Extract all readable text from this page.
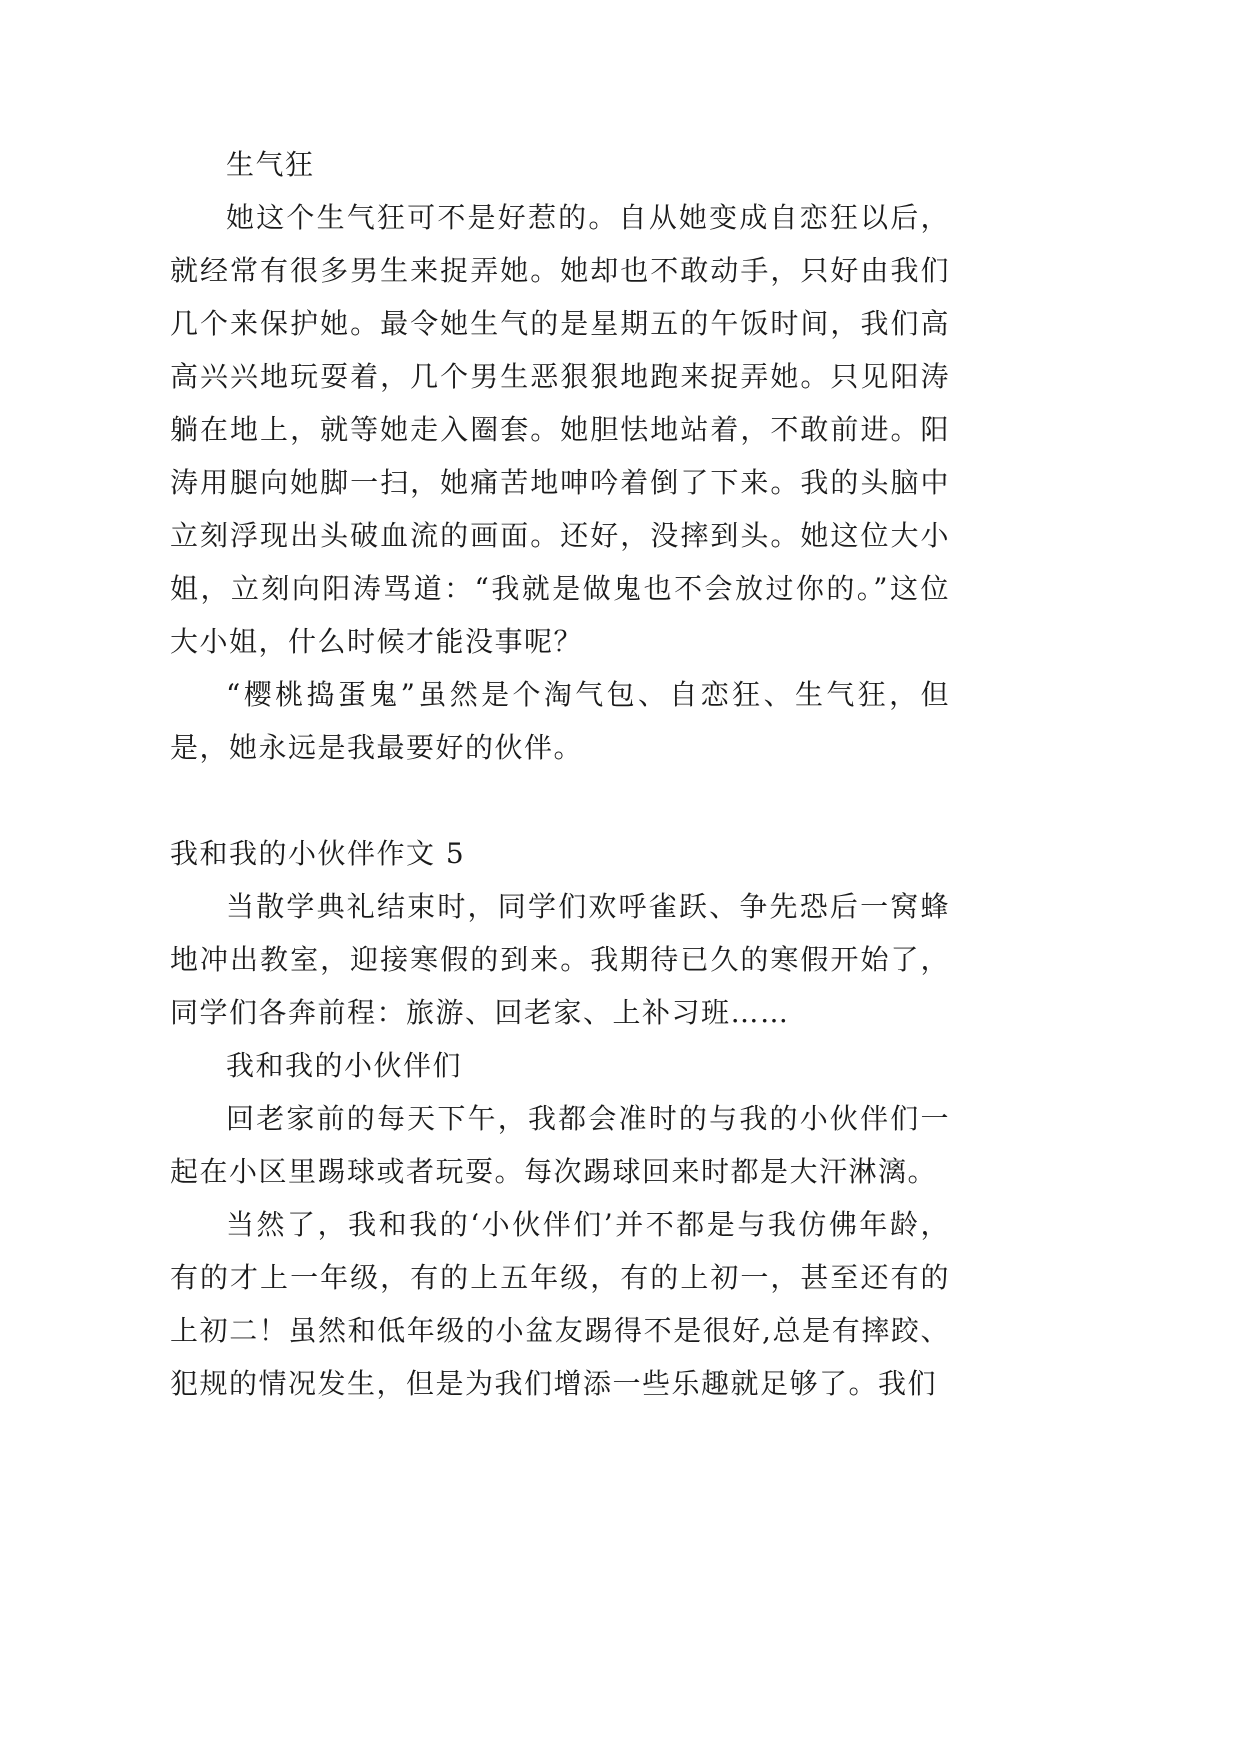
生气狂

她这个生气狂可不是好惹的。自从她变成自恋狂以后，就经常有很多男生来捉弄她。她却也不敢动手，只好由我们几个来保护她。最令她生气的是星期五的午饭时间，我们高高兴兴地玩耍着，几个男生恶狠狠地跑来捉弄她。只见阳涛躺在地上，就等她走入圈套。她胆怯地站着，不敢前进。阳涛用腿向她脚一扫，她痛苦地呻吟着倒了下来。我的头脑中立刻浮现出头破血流的画面。还好，没摔到头。她这位大小姐，立刻向阳涛骂道：“我就是做鬼也不会放过你的。”这位大小姐，什么时候才能没事呢？

“樱桃捣蛋鬼”虽然是个淘气包、自恋狂、生气狂，但是，她永远是我最要好的伙伴。

我和我的小伙伴作文 5

当散学典礼结束时，同学们欢呼雀跃、争先恐后一窝蜂地冲出教室，迎接寒假的到来。我期待已久的寒假开始了，同学们各奔前程：旅游、回老家、上补习班……

我和我的小伙伴们

回老家前的每天下午，我都会准时的与我的小伙伴们一起在小区里踢球或者玩耍。每次踢球回来时都是大汗淋漓。

当然了，我和我的‘小伙伴们’并不都是与我仿佛年龄，有的才上一年级，有的上五年级，有的上初一，甚至还有的上初二！虽然和低年级的小盆友踢得不是很好,总是有摔跤、犯规的情况发生，但是为我们增添一些乐趣就足够了。我们
